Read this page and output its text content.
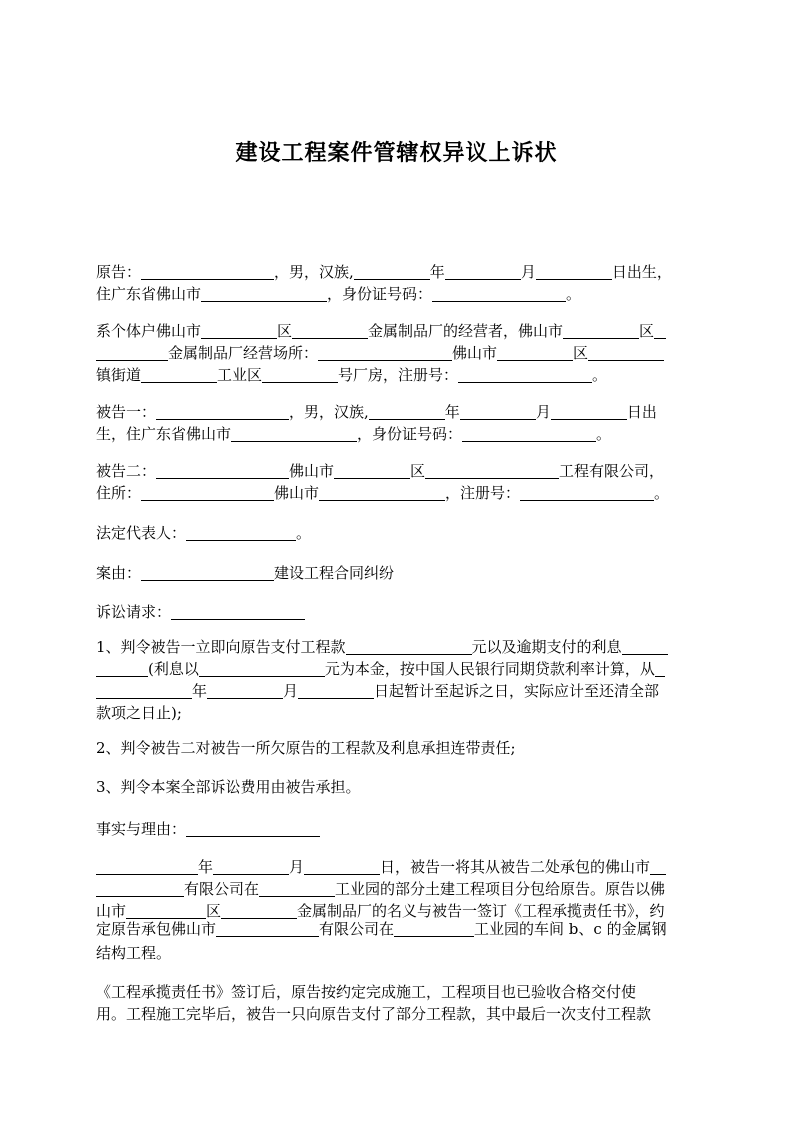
建设工程案件管辖权异议上诉状
原告：	，男，汉族,	年	月	日出生，
住广东省佛山市	，身份证号码：	。
系个体户佛山市	区	金属制品厂的经营者，佛山市	区
金属制品厂经营场所：	佛山市	区
镇街道	工业区	号厂房，注册号：	。
被告一：	，男，汉族,	年	月	日出
生，住广东省佛山市	，身份证号码：	。
被告二：	佛山市	区	工程有限公司，
住所：	佛山市	，注册号：	。
法定代表人：	。
案由：	建设工程合同纠纷
诉讼请求：
1、判令被告一立即向原告支付工程款	元以及逾期支付的利息
(利息以	元为本金，按中国人民银行同期贷款利率计算，从
年	月	日起暂计至起诉之日，实际应计至还清全部
款项之日止);
2、判令被告二对被告一所欠原告的工程款及利息承担连带责任;
3、判令本案全部诉讼费用由被告承担。
事实与理由：
年	月	日，被告一将其从被告二处承包的佛山市
有限公司在	工业园的部分土建工程项目分包给原告。原告以佛
山市	区	金属制品厂的名义与被告一签订《工程承揽责任书》，约
定原告承包佛山市	有限公司在	工业园的车间 b、c 的金属钢
结构工程。
《工程承揽责任书》签订后，原告按约定完成施工，工程项目也已验收合格交付使
用。工程施工完毕后，被告一只向原告支付了部分工程款，其中最后一次支付工程款
